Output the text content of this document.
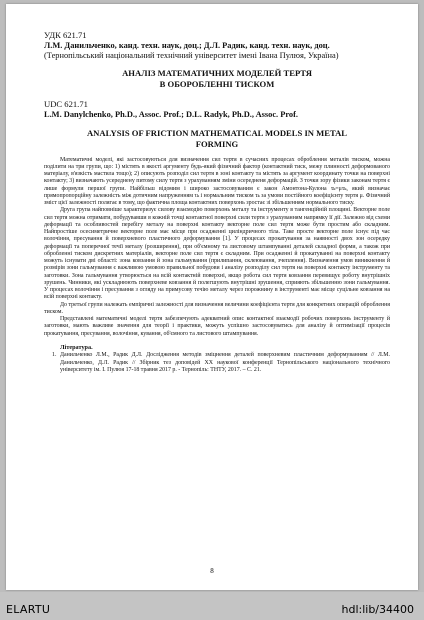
УДК 621.71

Л.М. Данильченко, канд. техн. наук, доц.; Д.Л. Радик, канд. техн. наук, доц.

(Тернопільський національний технічний університет імені Івана Пулюя, Україна)

АНАЛІЗ МАТЕМАТИЧНИХ МОДЕЛЕЙ ТЕРТЯ

В ОБОРОБЛЕННІ ТИСКОМ

UDC 621.71

L.M. Danylchenko, Ph.D., Assoc. Prof.; D.L. Radyk, Ph.D., Assoc. Prof.

ANALYSIS OF FRICTION MATHEMATICAL MODELS IN METAL

FORMING

Математичні моделі, які застосовуються для визначення сил тертя в сучасних процесах оброблення металів тиском, можна поділити на три групи, що: 1) містять в якості аргументу будь-який фізичний фактор (контактний тиск, межу плинності деформованого матеріалу, в'язкість мастила тощо); 2) описують розподіл сил тертя в зоні контакту та містять за аргумент координату точки на поверхні контакту; 3) визначають усереднену питому силу тертя з урахуванням зміни осередненя деформацій. З точки зору фізики законам тертя є лише формули першої групи. Найбільш відомим і широко застосовуваним є закон Амонтона-Кулона τₖ=μτₖ, який визначає прямопропорційну залежність між дотичним напруженням τₖ і нормальним тиском τₖ за умови постійного коефіцієнту тертя μ. Фізичний зміст цієї залежності полягає в тому, що фактична площа контактних поверхонь зростає зі збільшенням нормального тиску.

Друга група найповніше характеризує силову взаємодію поверхонь металу та інструменту в тангенційній площині. Векторне поле сил тертя можна отримати, побудувавши в кожній точці контактної поверхні сили тертя з урахуванням напрямку її дії. Залежно від схеми деформації та особливостей перебігу металу на поверхні контакту векторне поле сил тертя може бути простим або складним. Найпростіше осесиметричне векторне поле має місце при осадженні циліндричного тіла. Таке просте векторне поле існує під час волочіння, пресування й поверхневого пластичного деформування [1]. У процесах прокатування за наявності двох зон осередку деформації та поперечної течії металу (розширення), при об'ємному та листовому штампуванні деталей складної форми, а також при обробленні тиском дискретних матеріалів, векторне поле сил тертя є складним. При осадженні й прокатуванні на поверхні контакту можуть існувати дві області: зона ковзання й зона гальмування (прилипання, склеювання, зчеплення). Визначення умов виникнення й розмірів зони гальмування є важливою умовою правильної побудови і аналізу розподілу сил тертя на поверхні контакту інструменту та заготовки. Зона гальмування утворюється на всій контактній поверхні, якщо робота сил тертя ковзання перевищує роботу внутрішніх зрушень. Чинники, які ускладнюють поверхневе ковзання й полегшують внутрішні зрушення, сприяють збільшенню зони гальмування. У процесах волочіння і пресування з огляду на примусову течію металу через порожнину в інструменті має місце суцільне ковзання на всій поверхні контакту.

До третьої групи належать емпіричні залежності для визначення величини коефіцієнта тертя для конкретних операцій оброблення тиском.

Представлені математичні моделі тертя забезпечують адекватний опис контактної взаємодії робочих поверхонь інструменту й заготовки, мають важливе значення для теорії і практики, можуть успішно застосовуватись для аналізу й оптимізації процесів прокатування, пресування, волочіння, кування, об'ємного та листового штампування.

Література.

1. Данильченко Л.М., Радик Д.Л. Дослідження методів зміцнення деталей поверхневим пластичним деформуванням // Л.М. Данильченко, Д.Л. Радик // Збірник тез доповідей ХХ наукової конференції Тернопільського національного технічного університету ім. І. Пулюя 17-18 травня 2017 р. - Тернопіль: ТНТУ, 2017. – С. 21.

8
ELARTU	hdl:lib/34400
